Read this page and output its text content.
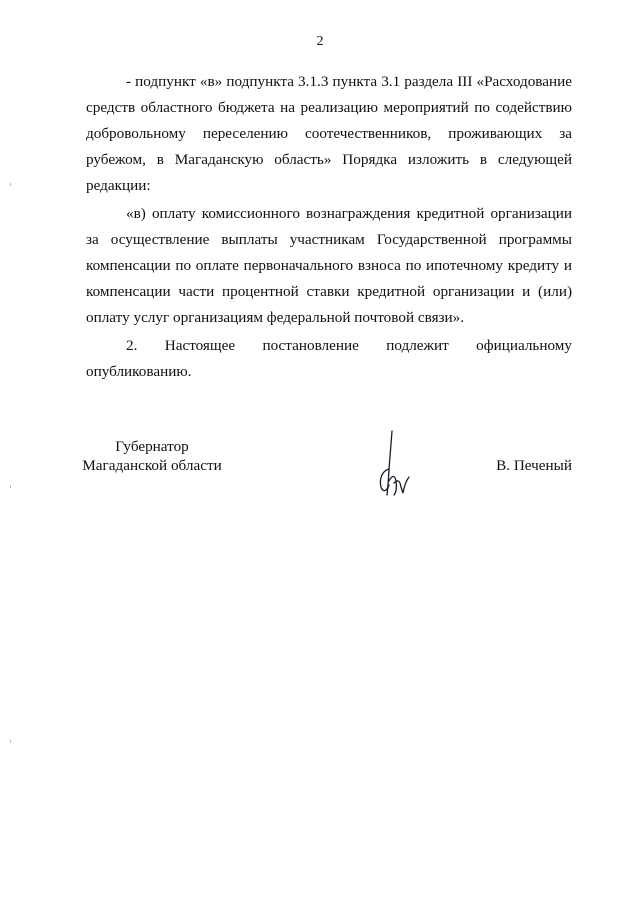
2

- подпункт «в» подпункта 3.1.3 пункта 3.1 раздела III «Расходование средств областного бюджета на реализацию мероприятий по содействию добровольному переселению соотечественников, проживающих за рубежом, в Магаданскую область» Порядка изложить в следующей редакции:

«в) оплату комиссионного вознаграждения кредитной организации за осуществление выплаты участникам Государственной программы компенсации по оплате первоначального взноса по ипотечному кредиту и компенсации части процентной ставки кредитной организации и (или) оплату услуг организациям федеральной почтовой связи».

2. Настоящее постановление подлежит официальному опубликованию.

Губернатор
Магаданской области	В. Печеный
